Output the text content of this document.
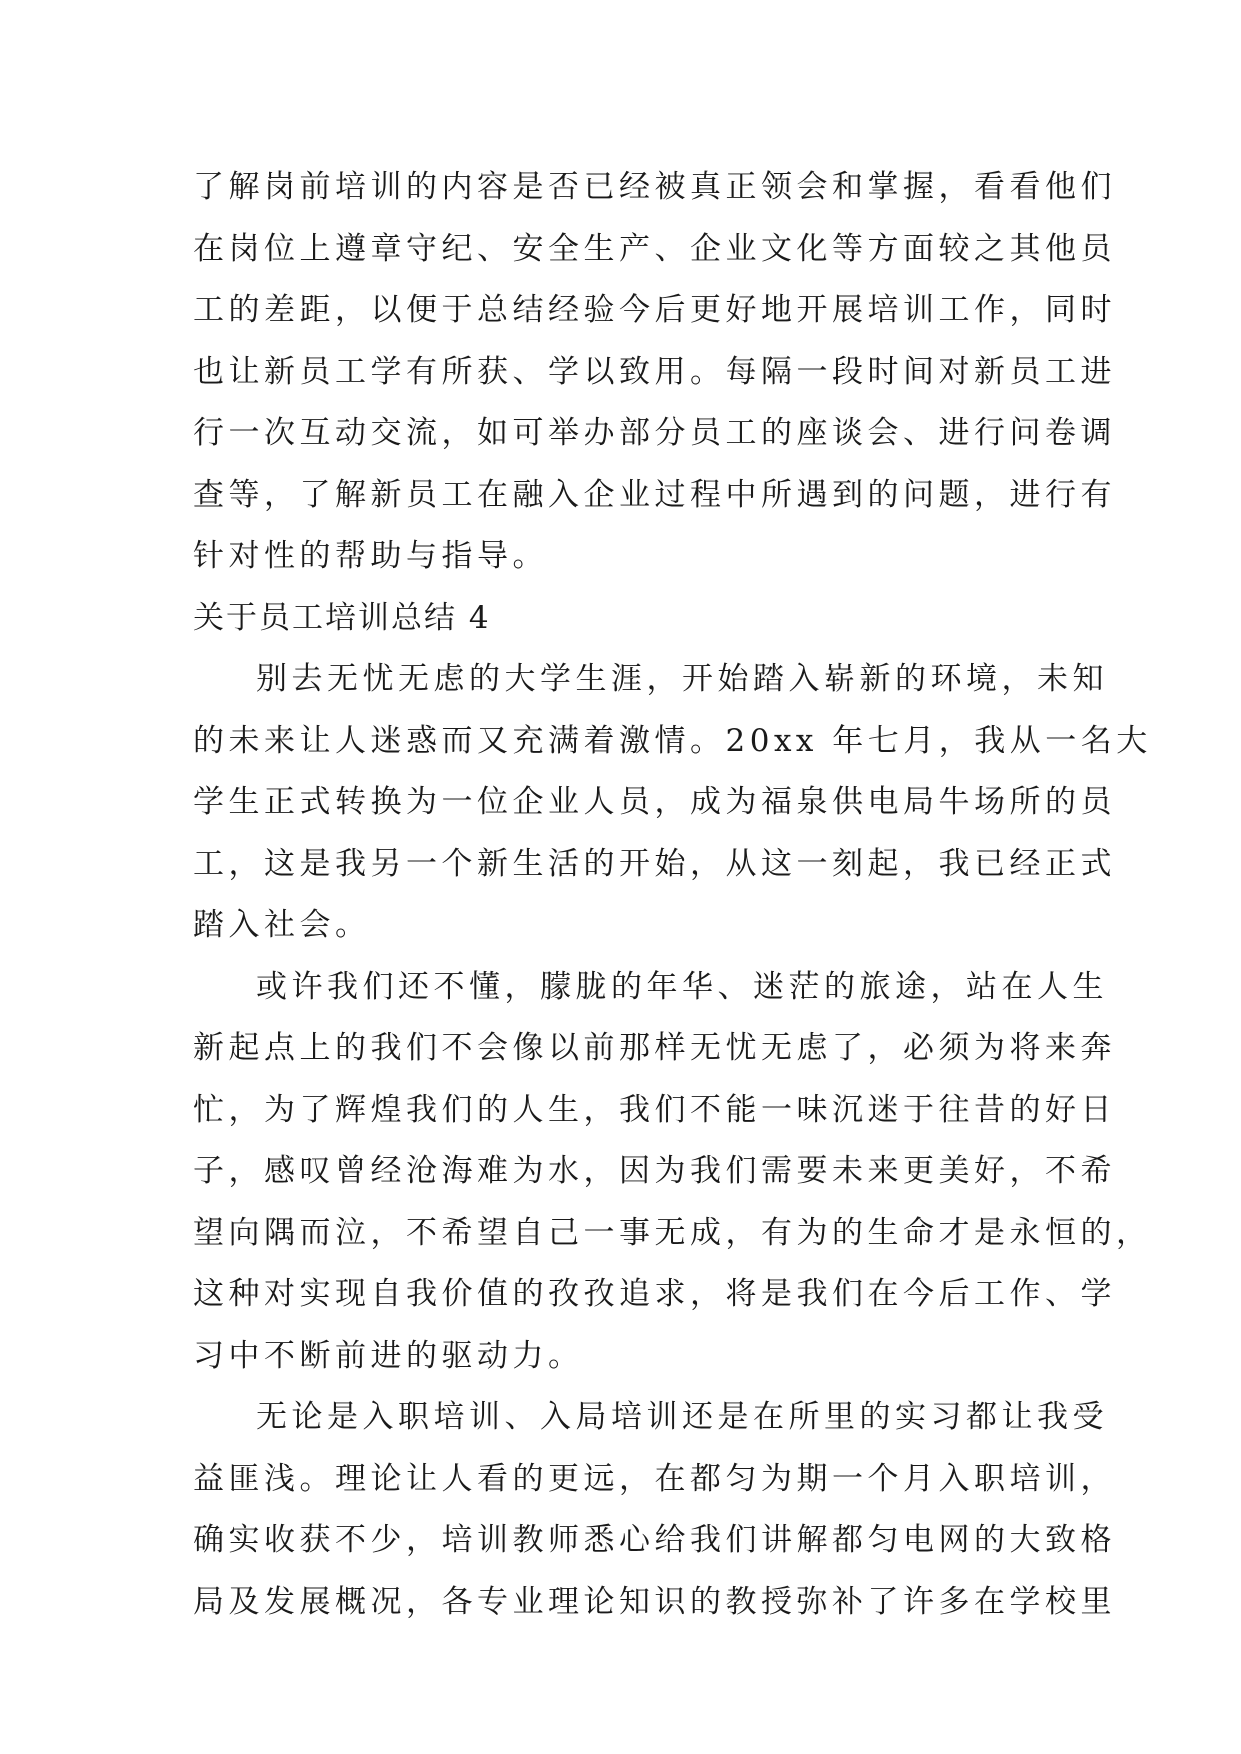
了解岗前培训的内容是否已经被真正领会和掌握，看看他们
在岗位上遵章守纪、安全生产、企业文化等方面较之其他员
工的差距，以便于总结经验今后更好地开展培训工作，同时
也让新员工学有所获、学以致用。每隔一段时间对新员工进
行一次互动交流，如可举办部分员工的座谈会、进行问卷调
查等，了解新员工在融入企业过程中所遇到的问题，进行有
针对性的帮助与指导。
关于员工培训总结 4
别去无忧无虑的大学生涯，开始踏入崭新的环境，未知
的未来让人迷惑而又充满着激情。20xx 年七月，我从一名大
学生正式转换为一位企业人员，成为福泉供电局牛场所的员
工，这是我另一个新生活的开始，从这一刻起，我已经正式
踏入社会。
或许我们还不懂，朦胧的年华、迷茫的旅途，站在人生
新起点上的我们不会像以前那样无忧无虑了，必须为将来奔
忙，为了辉煌我们的人生，我们不能一味沉迷于往昔的好日
子，感叹曾经沧海难为水，因为我们需要未来更美好，不希
望向隅而泣，不希望自己一事无成，有为的生命才是永恒的，
这种对实现自我价值的孜孜追求，将是我们在今后工作、学
习中不断前进的驱动力。
无论是入职培训、入局培训还是在所里的实习都让我受
益匪浅。理论让人看的更远，在都匀为期一个月入职培训，
确实收获不少，培训教师悉心给我们讲解都匀电网的大致格
局及发展概况，各专业理论知识的教授弥补了许多在学校里
